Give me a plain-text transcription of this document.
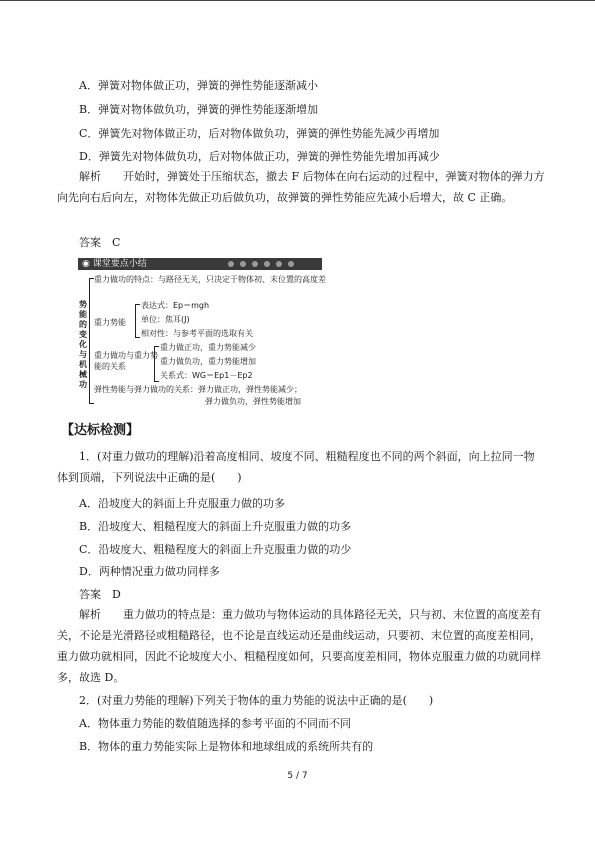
A．弹簧对物体做正功，弹簧的弹性势能逐渐减小
B．弹簧对物体做负功，弹簧的弹性势能逐渐增加
C．弹簧先对物体做正功，后对物体做负功，弹簧的弹性势能先减少再增加
D．弹簧先对物体做负功，后对物体做正功，弹簧的弹性势能先增加再减少
解析　　 开始时，弹簧处于压缩状态，撤去 F 后物体在向右运动的过程中，弹簧对物体的弹力方向先向右后向左，对物体先做正功后做负功，故弹簧的弹性势能应先减小后增大，故 C 正确。
答案　C
◉ 课堂要点小结
势能的变化与机械功
重力做功的特点：与路径无关，只决定于物体初、末位置的高度差
重力势能
表达式：Ep＝mgh
单位：焦耳(J)
相对性：与参考平面的选取有关
重力做功与重力势能的关系
重力做正功，重力势能减少
重力做负功，重力势能增加
关系式：WG＝Ep1－Ep2
弹性势能与弹力做功的关系：弹力做正功，弹性势能减少；
弹力做负功，弹性势能增加
【达标检测】
1．(对重力做功的理解)沿着高度相同、坡度不同、粗糙程度也不同的两个斜面，向上拉同一物体到顶端，下列说法中正确的是(　　)
A．沿坡度大的斜面上升克服重力做的功多
B．沿坡度大、粗糙程度大的斜面上升克服重力做的功多
C．沿坡度大、粗糙程度大的斜面上升克服重力做的功少
D．两种情况重力做功同样多
答案　D
解析　　 重力做功的特点是：重力做功与物体运动的具体路径无关，只与初、末位置的高度差有关，不论是光滑路径或粗糙路径，也不论是直线运动还是曲线运动，只要初、末位置的高度差相同，重力做功就相同，因此不论坡度大小、粗糙程度如何，只要高度差相同，物体克服重力做的功就同样多，故选 D。
2．(对重力势能的理解)下列关于物体的重力势能的说法中正确的是(　　)
A．物体重力势能的数值随选择的参考平面的不同而不同
B．物体的重力势能实际上是物体和地球组成的系统所共有的
5 / 7
